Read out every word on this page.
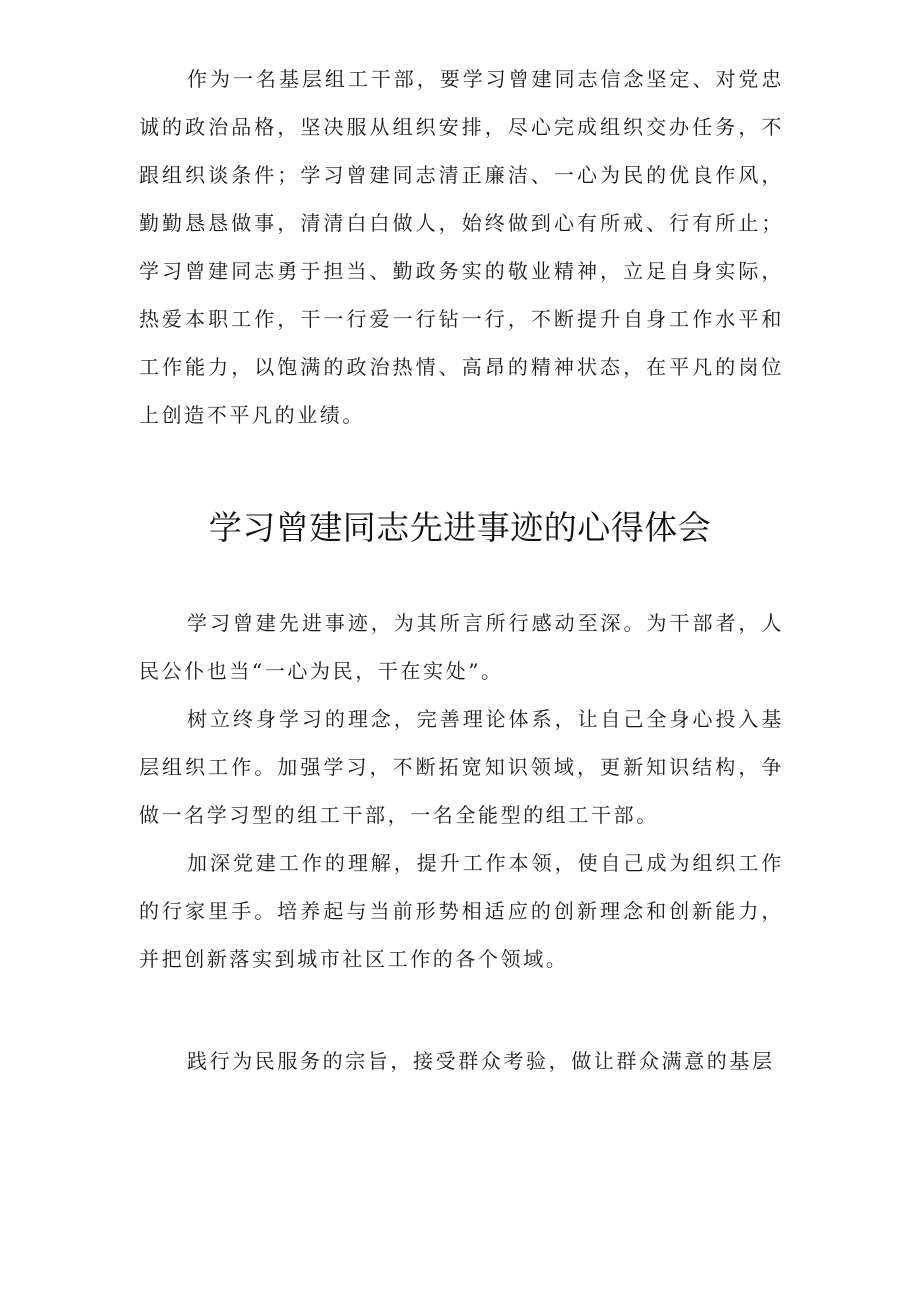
作为一名基层组工干部，要学习曾建同志信念坚定、对党忠诚的政治品格，坚决服从组织安排，尽心完成组织交办任务，不跟组织谈条件；学习曾建同志清正廉洁、一心为民的优良作风，勤勤恳恳做事，清清白白做人，始终做到心有所戒、行有所止；学习曾建同志勇于担当、勤政务实的敬业精神，立足自身实际，热爱本职工作，干一行爱一行钻一行，不断提升自身工作水平和工作能力，以饱满的政治热情、高昂的精神状态，在平凡的岗位上创造不平凡的业绩。

学习曾建同志先进事迹的心得体会

学习曾建先进事迹，为其所言所行感动至深。为干部者，人民公仆也当“一心为民，干在实处”。

树立终身学习的理念，完善理论体系，让自己全身心投入基层组织工作。加强学习，不断拓宽知识领域，更新知识结构，争做一名学习型的组工干部，一名全能型的组工干部。

加深党建工作的理解，提升工作本领，使自己成为组织工作的行家里手。培养起与当前形势相适应的创新理念和创新能力，并把创新落实到城市社区工作的各个领域。

践行为民服务的宗旨，接受群众考验，做让群众满意的基层
